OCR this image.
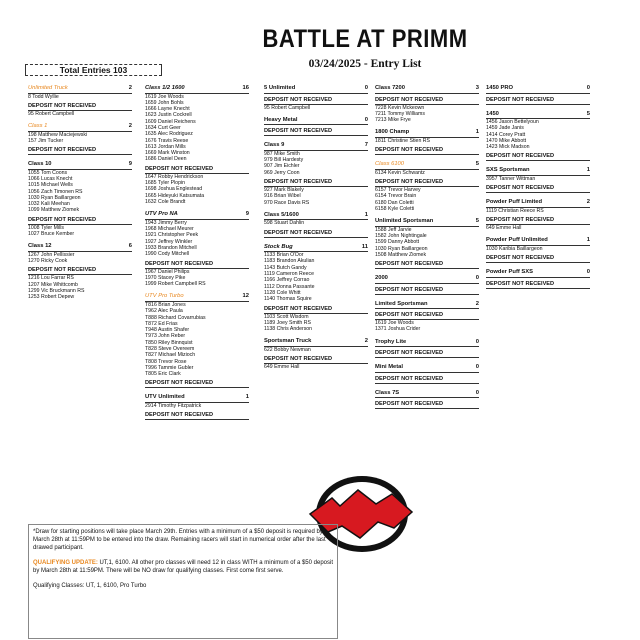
BATTLE AT PRIMM
03/24/2025 - Entry List
Total Entries 103
Unlimited Truck	2
8 Todd Wyllie
DEPOSIT NOT RECEIVED
95 Robert Campbell
Class 1	2
198 Matthew Maciejewski
157 Jim Tucker
DEPOSIT NOT RECEIVED
Class 10	9
1055 Tom Coons
1066 Lucas Knecht
1015 Michael Wells
1056 Zach Timonen RS
1030 Ryan Baillargeon
1032 Kali Meehan
1099 Matthew Ziomek
DEPOSIT NOT RECEIVED
1008 Tyler Mills
1027 Bruce Kember
Class 12	6
1267 John Pellissier
1270 Ricky Cook
DEPOSIT NOT RECEIVED
1216 Lou Farrar RS
1207 Mike Whittcomb
1299 Vic Bruckmann RS
1253 Robert Depew
Class 1/2 1600	16
1619 Joe Woods
1659 John Bohls
1666 Layne Knecht
1623 Justin Cockrell
1609 Daniel Reichens
1634 Curt Geer
1635 Alec Rodriguez
1676 Travis Reese
1613 Jordan Mills
1669 Mark Winston
1686 Daniel Deen
DEPOSIT NOT RECEIVED
1647 Robby Hendrickson
1685 Tyler Plopin
1698 Joshua Englestead
1665 Hideyuki Katsumata
1632 Cole Brandt
UTV Pro NA	9
1943 Jimmy Berry
1968 Michael Meurer
1921 Christopher Peek
1927 Jeffrey Winkler
1933 Brandon Mitchell
1990 Cody Mitchell
DEPOSIT NOT RECEIVED
1967 Daniel Philips
1970 Stacey Pike
1999 Robert Campbell RS
UTV Pro Turbo	12
T816 Brian Jones
T962 Alec Paula
T888 Richard Covarrubias
T872 Ed Frias
T948 Austin Shafer
T973 John Reber
T850 Riley Binnquist
T828 Steve Overeem
T827 Michael Mizioch
T808 Trevor Rose
T996 Tammie Gubler
T805 Eric Clark
DEPOSIT NOT RECEIVED
UTV Unlimited	1
2914 Timothy Fitzpatrick
DEPOSIT NOT RECEIVED
5 Unlimited	0
DEPOSIT NOT RECEIVED
95 Robert Campbell
Heavy Metal	0
DEPOSIT NOT RECEIVED
Class 9	7
987 Mike Smith
979 Bill Hardesty
907 Jim Eichler
969 Jerry Coon
DEPOSIT NOT RECEIVED
927 Mark Blakely
916 Brian Wibel
970 Race Davis RS
Class 5/1600	1
598 Stuart Dahlin
DEPOSIT NOT RECEIVED
Stock Bug	11
1133 Brian O'Dor
1183 Brandon Akulian
1143 Butch Gandy
1119 Cameron Reece
1166 Jeffrey Corrao
1112 Donna Passante
1128 Cole Whitt
1140 Thomas Squire
DEPOSIT NOT RECEIVED
1103 Scott Wisdom
1189 Joey Smith RS
1138 Chris Anderson
Sportsman Truck	2
622 Bobby Newman
DEPOSIT NOT RECEIVED
649 Emme Hall
Class 7200	3
DEPOSIT NOT RECEIVED
7228 Kevin Mckeown
7211 Tommy Williams
7213 Mike Frye
1800 Champ	1
1811 Christine Stien RS
DEPOSIT NOT RECEIVED
Class 6100	5
6134 Kevin Schwantz
DEPOSIT NOT RECEIVED
6157 Trevor Harvey
6154 Trevor Brain
6180 Dan Coletti
6158 Kyle Coletti
Unlimited Sportsman	5
1588 Jeff Jarvie
1582 John Nightingale
1599 Danny Abbott
1030 Ryan Baillargeon
1508 Matthew Ziomek
DEPOSIT NOT RECEIVED
2000	0
DEPOSIT NOT RECEIVED
Limited Sportsman	2
DEPOSIT NOT RECEIVED
1619 Joe Woods
1371 Joshua Crider
Trophy Lite	0
DEPOSIT NOT RECEIVED
Mini Metal	0
DEPOSIT NOT RECEIVED
Class 7S	0
DEPOSIT NOT RECEIVED
1450 PRO	0
DEPOSIT NOT RECEIVED
1450	5
1456 Jason Bettelyoun
1459 Jade Janis
1414 Corey Pratt
1470 Mike Abbott
1423 Mick Madson
DEPOSIT NOT RECEIVED
SXS Sportsman	1
3957 Tanner Wittman
DEPOSIT NOT RECEIVED
Powder Puff Limited	2
1119 Christian Reece RS
DEPOSIT NOT RECEIVED
649 Emme Hall
Powder Puff Unlimited	1
1030 Karibia Baillargeon
DEPOSIT NOT RECEIVED
Powder Puff SXS	0
DEPOSIT NOT RECEIVED

*Draw for starting positions will take place March 29th. Entries with a minimum of a $50 deposit is required by March 28th at 11:59PM to be entered into the draw. Remaining racers will start in numerical order after the last drawed participant.

QUALIFYING UPDATE: UT,1, 6100. All other pro classes will need 12 in class WITH a minimum of a $50 deposit by March 28th at 11:59PM. There will be NO draw for qualifying classes. First come first serve.

Qualifying Classes: UT, 1, 6100, Pro Turbo
